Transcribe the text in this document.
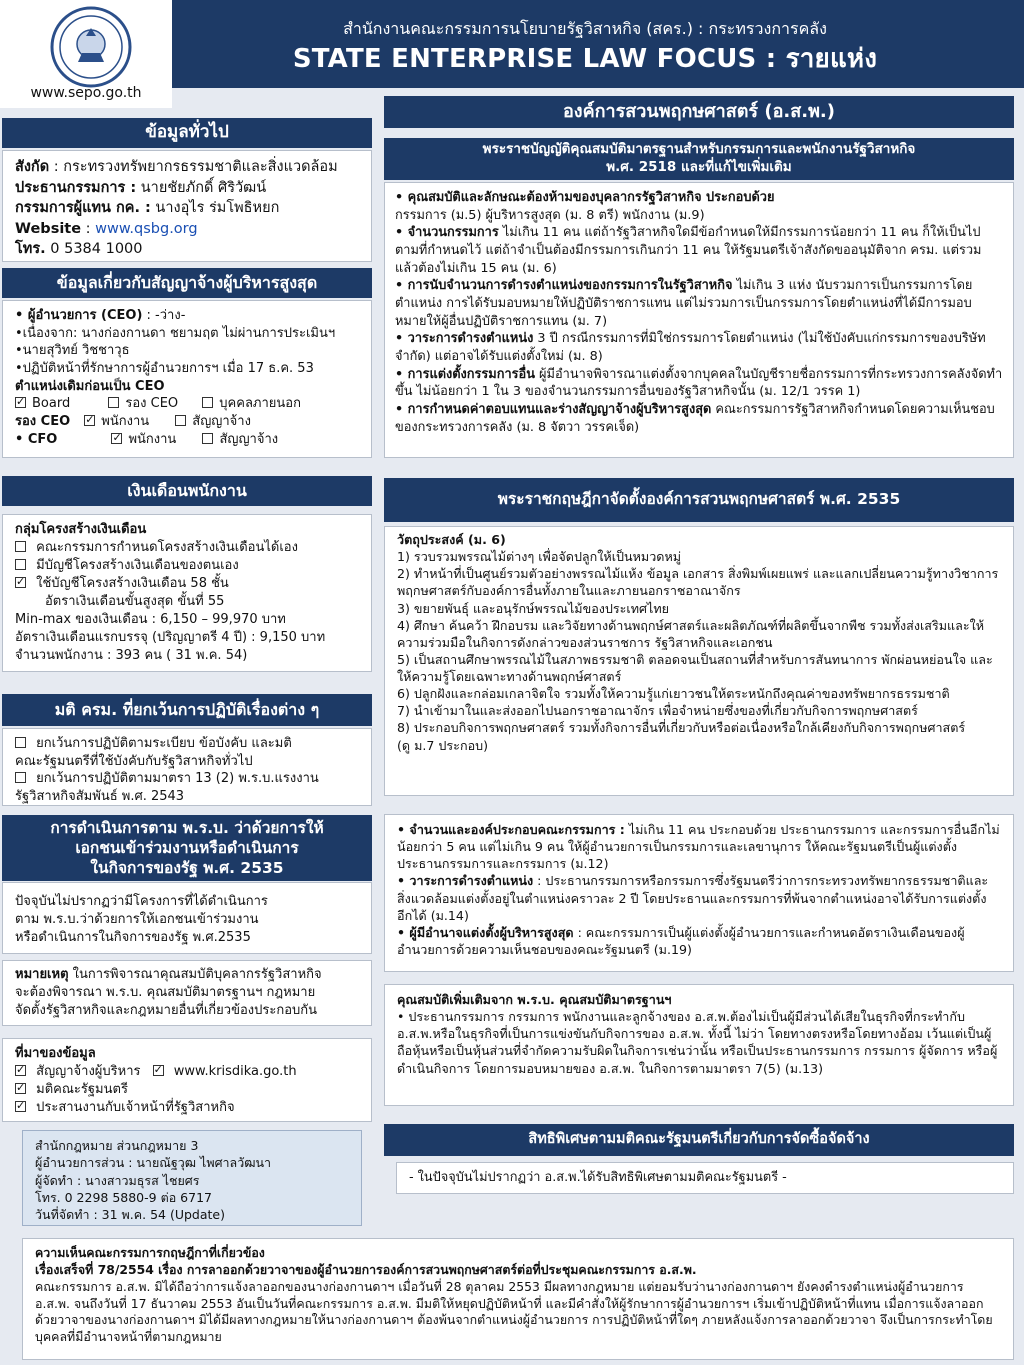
www.sepo.go.th
สำนักงานคณะกรรมการนโยบายรัฐวิสาหกิจ (สคร.) : กระทรวงการคลัง
STATE ENTERPRISE LAW FOCUS : รายแห่ง
ข้อมูลทั่วไป
สังกัด : กระทรวงทรัพยากรธรรมชาติและสิ่งแวดล้อม
ประธานกรรมการ : นายชัยภักดิ์ ศิริวัฒน์
กรรมการผู้แทน กค. : นางอุไร ร่มโพธิหยก
Website : www.qsbg.org
โทร. 0 5384 1000
ข้อมูลเกี่ยวกับสัญญาจ้างผู้บริหารสูงสุด
• ผู้อำนวยการ (CEO) : -ว่าง-
•เนื่องจาก: นางก่องกานดา ชยามฤต ไม่ผ่านการประเมินฯ
•นายสุวิทย์ วิชชาวุธ
•ปฏิบัติหน้าที่รักษาการผู้อำนวยการฯ เมื่อ 17 ธ.ค. 53
ตำแหน่งเดิมก่อนเป็น CEO
✓Board	รอง CEO	บุคคลภายนอก
รอง CEO ✓ พนักงาน	สัญญาจ้าง
• CFO ✓	พนักงาน	สัญญาจ้าง
เงินเดือนพนักงาน
กลุ่มโครงสร้างเงินเดือน
คณะกรรมการกำหนดโครงสร้างเงินเดือนได้เอง
มีบัญชีโครงสร้างเงินเดือนของตนเอง
✓ ใช้บัญชีโครงสร้างเงินเดือน 58 ชั้น
อัตราเงินเดือนขั้นสูงสุด ขั้นที่ 55
Min-max ของเงินเดือน : 6,150 – 99,970 บาท
อัตราเงินเดือนแรกบรรจุ (ปริญญาตรี 4 ปี) : 9,150 บาท
จำนวนพนักงาน : 393 คน ( 31 พ.ค. 54)
มติ ครม. ที่ยกเว้นการปฏิบัติเรื่องต่าง ๆ
ยกเว้นการปฏิบัติตามระเบียบ ข้อบังคับ และมติ
คณะรัฐมนตรีที่ใช้บังคับกับรัฐวิสาหกิจทั่วไป
ยกเว้นการปฏิบัติตามมาตรา 13 (2) พ.ร.บ.แรงงาน
รัฐวิสาหกิจสัมพันธ์ พ.ศ. 2543
การดำเนินการตาม พ.ร.บ. ว่าด้วยการให้
เอกชนเข้าร่วมงานหรือดำเนินการ
ในกิจการของรัฐ พ.ศ. 2535
ปัจจุบันไม่ปรากฏว่ามีโครงการที่ได้ดำเนินการ
ตาม พ.ร.บ.ว่าด้วยการให้เอกชนเข้าร่วมงาน
หรือดำเนินการในกิจการของรัฐ พ.ศ.2535
หมายเหตุ ในการพิจารณาคุณสมบัติบุคลากรรัฐวิสาหกิจ
จะต้องพิจารณา พ.ร.บ. คุณสมบัติมาตรฐานฯ กฎหมาย
จัดตั้งรัฐวิสาหกิจและกฎหมายอื่นที่เกี่ยวข้องประกอบกัน
ที่มาของข้อมูล
✓ สัญญาจ้างผู้บริหาร ✓	www.krisdika.go.th
✓ มติคณะรัฐมนตรี
✓ ประสานงานกับเจ้าหน้าที่รัฐวิสาหกิจ
สำนักกฎหมาย ส่วนกฎหมาย 3
ผู้อำนวยการส่วน : นายณัฐวุฒ ไพศาลวัฒนา
ผู้จัดทำ : นางสาวมธุรส ไชยศร
โทร. 0 2298 5880-9 ต่อ 6717
วันที่จัดทำ : 31 พ.ค. 54 (Update)
องค์การสวนพฤกษศาสตร์ (อ.ส.พ.)
พระราชบัญญัติคุณสมบัติมาตรฐานสำหรับกรรมการและพนักงานรัฐวิสาหกิจ
พ.ศ. 2518 และที่แก้ไขเพิ่มเติม
• คุณสมบัติและลักษณะต้องห้ามของบุคลากรรัฐวิสาหกิจ ประกอบด้วย
กรรมการ (ม.5) ผู้บริหารสูงสุด (ม. 8 ตรี) พนักงาน (ม.9)
• จำนวนกรรมการ ไม่เกิน 11 คน แต่ถ้ารัฐวิสาหกิจใดมีข้อกำหนดให้มีกรรมการน้อยกว่า 11 คน ก็ให้เป็นไปตามที่กำหนดไว้ แต่ถ้าจำเป็นต้องมีกรรมการเกินกว่า 11 คน ให้รัฐมนตรีเจ้าสังกัดขออนุมัติจาก ครม. แต่รวมแล้วต้องไม่เกิน 15 คน (ม. 6)
• การนับจำนวนการดำรงตำแหน่งของกรรมการในรัฐวิสาหกิจ ไม่เกิน 3 แห่ง นับรวมการเป็นกรรมการโดยตำแหน่ง การได้รับมอบหมายให้ปฏิบัติราชการแทน แต่ไม่รวมการเป็นกรรมการโดยตำแหน่งที่ได้มีการมอบหมายให้ผู้อื่นปฏิบัติราชการแทน (ม. 7)
• วาระการดำรงตำแหน่ง 3 ปี กรณีกรรมการที่มิใช่กรรมการโดยตำแหน่ง (ไม่ใช้บังคับแก่กรรมการของบริษัทจำกัด) แต่อาจได้รับแต่งตั้งใหม่ (ม. 8)
• การแต่งตั้งกรรมการอื่น ผู้มีอำนาจพิจารณาแต่งตั้งจากบุคคลในบัญชีรายชื่อกรรมการที่กระทรวงการคลังจัดทำขึ้น ไม่น้อยกว่า 1 ใน 3 ของจำนวนกรรมการอื่นของรัฐวิสาหกิจนั้น (ม. 12/1 วรรค 1)
• การกำหนดค่าตอบแทนและร่างสัญญาจ้างผู้บริหารสูงสุด คณะกรรมการรัฐวิสาหกิจกำหนดโดยความเห็นชอบของกระทรวงการคลัง (ม. 8 จัตวา วรรคเจ็ด)
พระราชกฤษฎีกาจัดตั้งองค์การสวนพฤกษศาสตร์ พ.ศ. 2535
วัตถุประสงค์ (ม. 6)
1) รวบรวมพรรณไม้ต่างๆ เพื่อจัดปลูกให้เป็นหมวดหมู่
2) ทำหน้าที่เป็นศูนย์รวมตัวอย่างพรรณไม้แห้ง ข้อมูล เอกสาร สิ่งพิมพ์เผยแพร่ และแลกเปลี่ยนความรู้ทางวิชาการพฤกษศาสตร์กับองค์การอื่นทั้งภายในและภายนอกราชอาณาจักร
3) ขยายพันธุ์ และอนุรักษ์พรรณไม้ของประเทศไทย
4) ศึกษา ค้นคว้า ฝึกอบรม และวิจัยทางด้านพฤกษ์ศาสตร์และผลิตภัณฑ์ที่ผลิตขึ้นจากพืช รวมทั้งส่งเสริมและให้ความร่วมมือในกิจการดังกล่าวของส่วนราชการ รัฐวิสาหกิจและเอกชน
5) เป็นสถานศึกษาพรรณไม้ในสภาพธรรมชาติ ตลอดจนเป็นสถานที่สำหรับการสันทนาการ พักผ่อนหย่อนใจ และให้ความรู้โดยเฉพาะทางด้านพฤกษ์ศาสตร์
6) ปลูกฝังและกล่อมเกลาจิตใจ รวมทั้งให้ความรู้แก่เยาวชนให้ตระหนักถึงคุณค่าของทรัพยากรธรรมชาติ
7) นำเข้ามาในและส่งออกไปนอกราชอาณาจักร เพื่อจำหน่ายซึ่งของที่เกี่ยวกับกิจการพฤกษศาสตร์
8) ประกอบกิจการพฤกษศาสตร์ รวมทั้งกิจการอื่นที่เกี่ยวกับหรือต่อเนื่องหรือใกล้เคียงกับกิจการพฤกษศาสตร์
(ดู ม.7 ประกอบ)
• จำนวนและองค์ประกอบคณะกรรมการ : ไม่เกิน 11 คน ประกอบด้วย ประธานกรรมการ และกรรมการอื่นอีกไม่น้อยกว่า 5 คน แต่ไม่เกิน 9 คน ให้ผู้อำนวยการเป็นกรรมการและเลขานุการ ให้คณะรัฐมนตรีเป็นผู้แต่งตั้งประธานกรรมการและกรรมการ (ม.12)
• วาระการดำรงตำแหน่ง : ประธานกรรมการหรือกรรมการซึ่งรัฐมนตรีว่าการกระทรวงทรัพยากรธรรมชาติและสิ่งแวดล้อมแต่งตั้งอยู่ในตำแหน่งคราวละ 2 ปี โดยประธานและกรรมการที่พ้นจากตำแหน่งอาจได้รับการแต่งตั้งอีกได้ (ม.14)
• ผู้มีอำนาจแต่งตั้งผู้บริหารสูงสุด : คณะกรรมการเป็นผู้แต่งตั้งผู้อำนวยการและกำหนดอัตราเงินเดือนของผู้อำนวยการด้วยความเห็นชอบของคณะรัฐมนตรี (ม.19)
คุณสมบัติเพิ่มเติมจาก พ.ร.บ. คุณสมบัติมาตรฐานฯ
• ประธานกรรมการ กรรมการ พนักงานและลูกจ้างของ อ.ส.พ.ต้องไม่เป็นผู้มีส่วนได้เสียในธุรกิจที่กระทำกับ อ.ส.พ.หรือในธุรกิจที่เป็นการแข่งขันกับกิจการของ อ.ส.พ. ทั้งนี้ ไม่ว่า โดยทางตรงหรือโดยทางอ้อม เว้นแต่เป็นผู้ถือหุ้นหรือเป็นหุ้นส่วนที่จำกัดความรับผิดในกิจการเช่นว่านั้น หรือเป็นประธานกรรมการ กรรมการ ผู้จัดการ หรือผู้ดำเนินกิจการ โดยการมอบหมายของ อ.ส.พ. ในกิจการตามมาตรา 7(5) (ม.13)
สิทธิพิเศษตามมติคณะรัฐมนตรีเกี่ยวกับการจัดซื้อจัดจ้าง
- ในปัจจุบันไม่ปรากฏว่า อ.ส.พ.ได้รับสิทธิพิเศษตามมติคณะรัฐมนตรี -
ความเห็นคณะกรรมการกฤษฎีกาที่เกี่ยวข้อง
เรื่องเสร็จที่ 78/2554 เรื่อง การลาออกด้วยวาจาของผู้อำนวยการองค์การสวนพฤกษศาสตร์ต่อที่ประชุมคณะกรรมการ อ.ส.พ.
คณะกรรมการ อ.ส.พ. มิได้ถือว่าการแจ้งลาออกของนางก่องกานดาฯ เมื่อวันที่ 28 ตุลาคม 2553 มีผลทางกฎหมาย แต่ยอมรับว่านางก่องกานดาฯ ยังคงดำรงตำแหน่งผู้อำนวยการ อ.ส.พ. จนถึงวันที่ 17 ธันวาคม 2553 อันเป็นวันที่คณะกรรมการ อ.ส.พ. มีมติให้หยุดปฏิบัติหน้าที่ และมีคำสั่งให้ผู้รักษาการผู้อำนวยการฯ เริ่มเข้าปฏิบัติหน้าที่แทน เมื่อการแจ้งลาออกด้วยวาจาของนางก่องกานดาฯ มิได้มีผลทางกฎหมายให้นางก่องกานดาฯ ต้องพ้นจากตำแหน่งผู้อำนวยการ การปฏิบัติหน้าที่ใดๆ ภายหลังแจ้งการลาออกด้วยวาจา จึงเป็นการกระทำโดยบุคคลที่มีอำนาจหน้าที่ตามกฎหมาย
